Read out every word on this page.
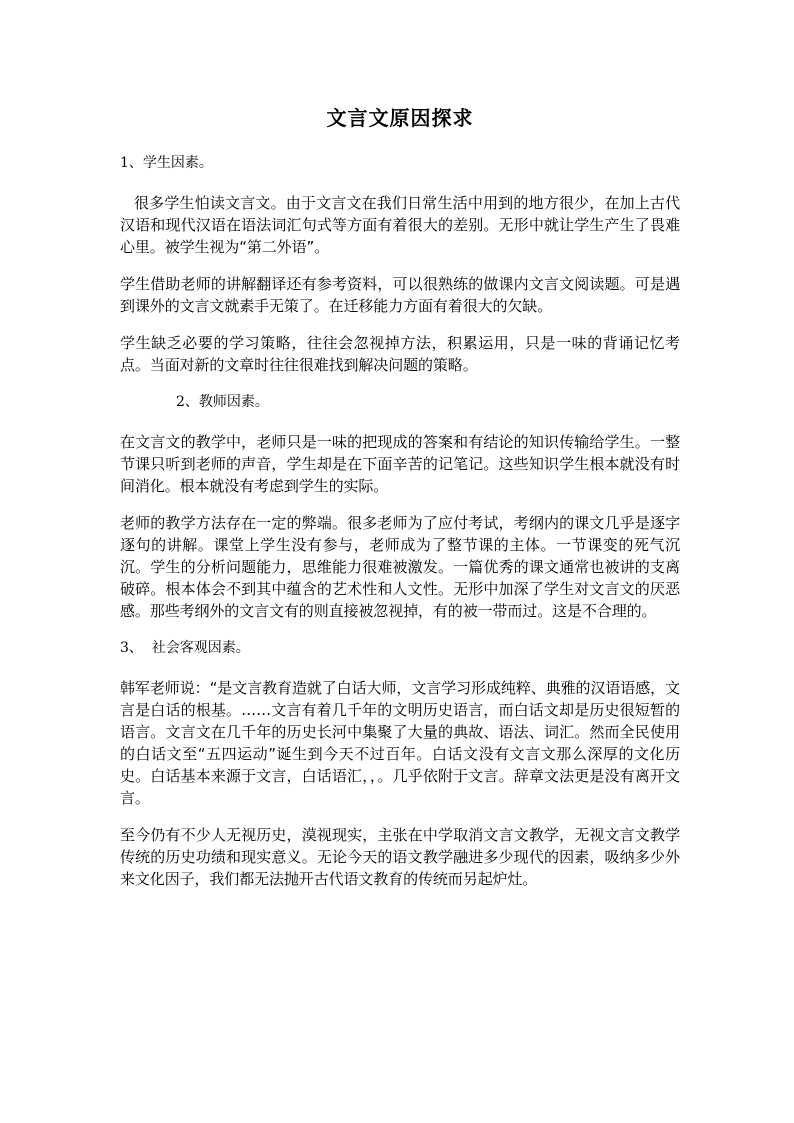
文言文原因探求

1、学生因素。

很多学生怕读文言文。由于文言文在我们日常生活中用到的地方很少，在加上古代汉语和现代汉语在语法词汇句式等方面有着很大的差别。无形中就让学生产生了畏难心里。被学生视为“第二外语”。

学生借助老师的讲解翻译还有参考资料，可以很熟练的做课内文言文阅读题。可是遇到课外的文言文就素手无策了。在迁移能力方面有着很大的欠缺。

学生缺乏必要的学习策略，往往会忽视掉方法，积累运用，只是一味的背诵记忆考点。当面对新的文章时往往很难找到解决问题的策略。

2、教师因素。

在文言文的教学中，老师只是一味的把现成的答案和有结论的知识传输给学生。一整节课只听到老师的声音，学生却是在下面辛苦的记笔记。这些知识学生根本就没有时间消化。根本就没有考虑到学生的实际。

老师的教学方法存在一定的弊端。很多老师为了应付考试，考纲内的课文几乎是逐字逐句的讲解。课堂上学生没有参与，老师成为了整节课的主体。一节课变的死气沉沉。学生的分析问题能力，思维能力很难被激发。一篇优秀的课文通常也被讲的支离破碎。根本体会不到其中蕴含的艺术性和人文性。无形中加深了学生对文言文的厌恶感。那些考纲外的文言文有的则直接被忽视掉，有的被一带而过。这是不合理的。

3、  社会客观因素。

韩军老师说：“是文言教育造就了白话大师，文言学习形成纯粹、典雅的汉语语感，文言是白话的根基。……文言有着几千年的文明历史语言，而白话文却是历史很短暂的语言。文言文在几千年的历史长河中集聚了大量的典故、语法、词汇。然而全民使用的白话文至“五四运动”诞生到今天不过百年。白话文没有文言文那么深厚的文化历史。白话基本来源于文言，白话语汇，，。几乎依附于文言。辞章文法更是没有离开文言。

至今仍有不少人无视历史，漠视现实，主张在中学取消文言文教学，无视文言文教学传统的历史功绩和现实意义。无论今天的语文教学融进多少现代的因素，吸纳多少外来文化因子，我们都无法抛开古代语文教育的传统而另起炉灶。
